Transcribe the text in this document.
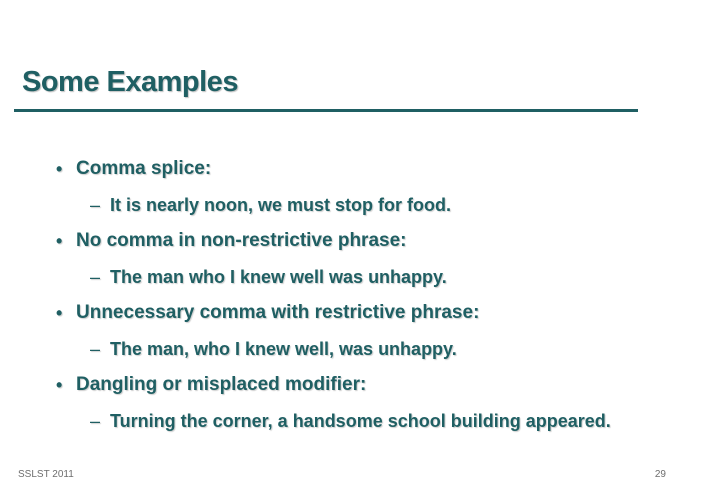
Some Examples
• Comma splice:
– It is nearly noon, we must stop for food.
• No comma in non-restrictive phrase:
– The man who I knew well was unhappy.
• Unnecessary comma with restrictive phrase:
– The man, who I knew well, was unhappy.
• Dangling or misplaced modifier:
– Turning the corner, a handsome school building appeared.
SSLST 2011	29
